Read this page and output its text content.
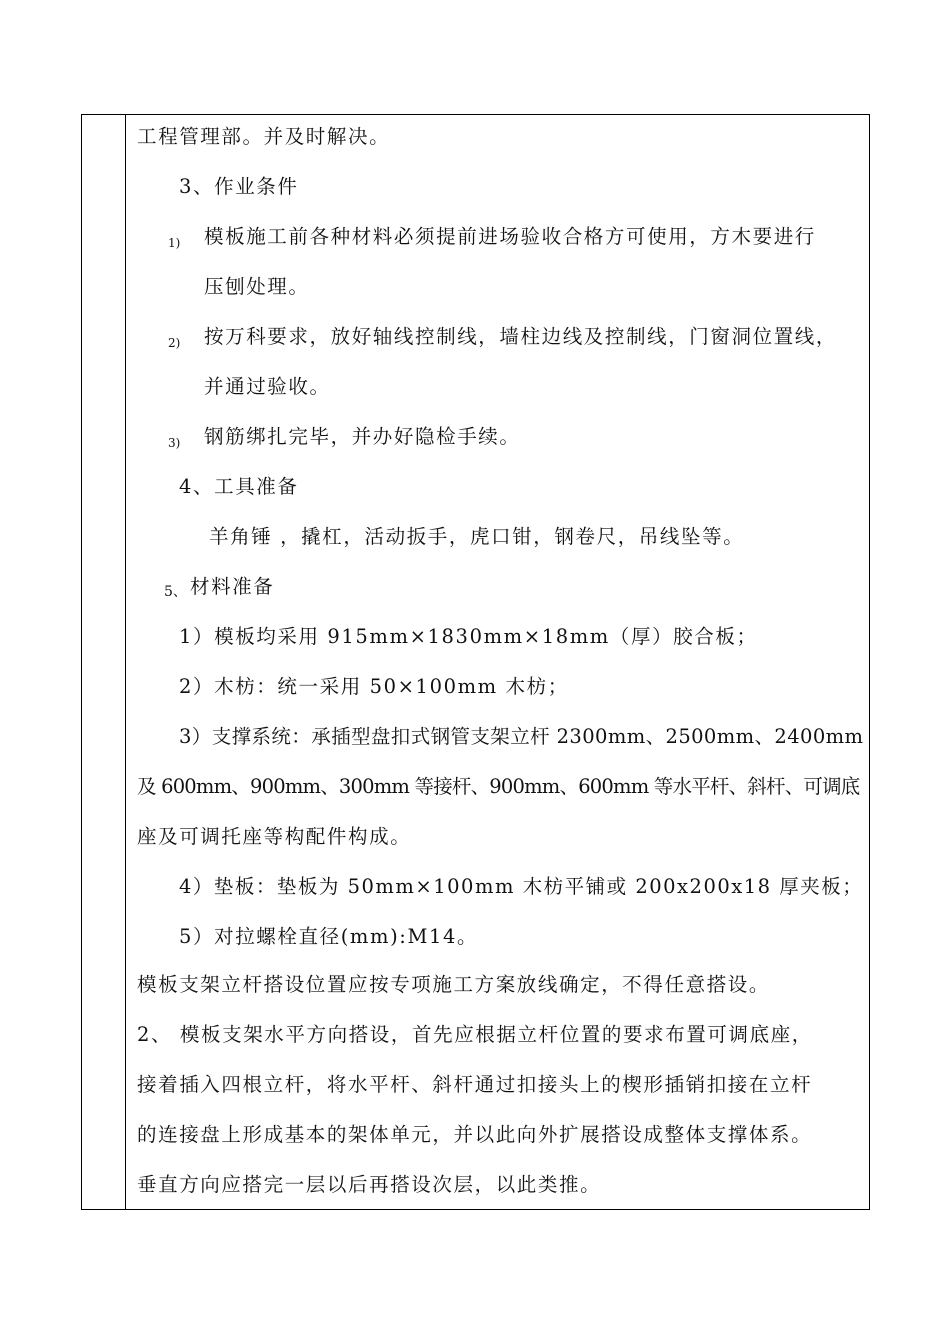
工程管理部。并及时解决。
3、作业条件
1) 模板施工前各种材料必须提前进场验收合格方可使用，方木要进行
压刨处理。
2) 按万科要求，放好轴线控制线，墙柱边线及控制线，门窗洞位置线，
并通过验收。
3) 钢筋绑扎完毕，并办好隐检手续。
4、工具准备
羊角锤 ，撬杠，活动扳手，虎口钳，钢卷尺，吊线坠等。
5、 材料准备
1）模板均采用 915mm×1830mm×18mm（厚）胶合板；
2）木枋：统一采用 50×100mm 木枋；
3）支撑系统：承插型盘扣式钢管支架立杆 2300mm、2500mm、2400mm
及 600mm、900mm、300mm 等接杆、900mm、600mm 等水平杆、斜杆、可调底
座及可调托座等构配件构成。
4）垫板：垫板为 50mm×100mm 木枋平铺或 200x200x18 厚夹板；
5）对拉螺栓直径(mm):M14。
模板支架立杆搭设位置应按专项施工方案放线确定，不得任意搭设。
2、 模板支架水平方向搭设，首先应根据立杆位置的要求布置可调底座，
接着插入四根立杆，将水平杆、斜杆通过扣接头上的楔形插销扣接在立杆
的连接盘上形成基本的架体单元，并以此向外扩展搭设成整体支撑体系。
垂直方向应搭完一层以后再搭设次层，以此类推。
